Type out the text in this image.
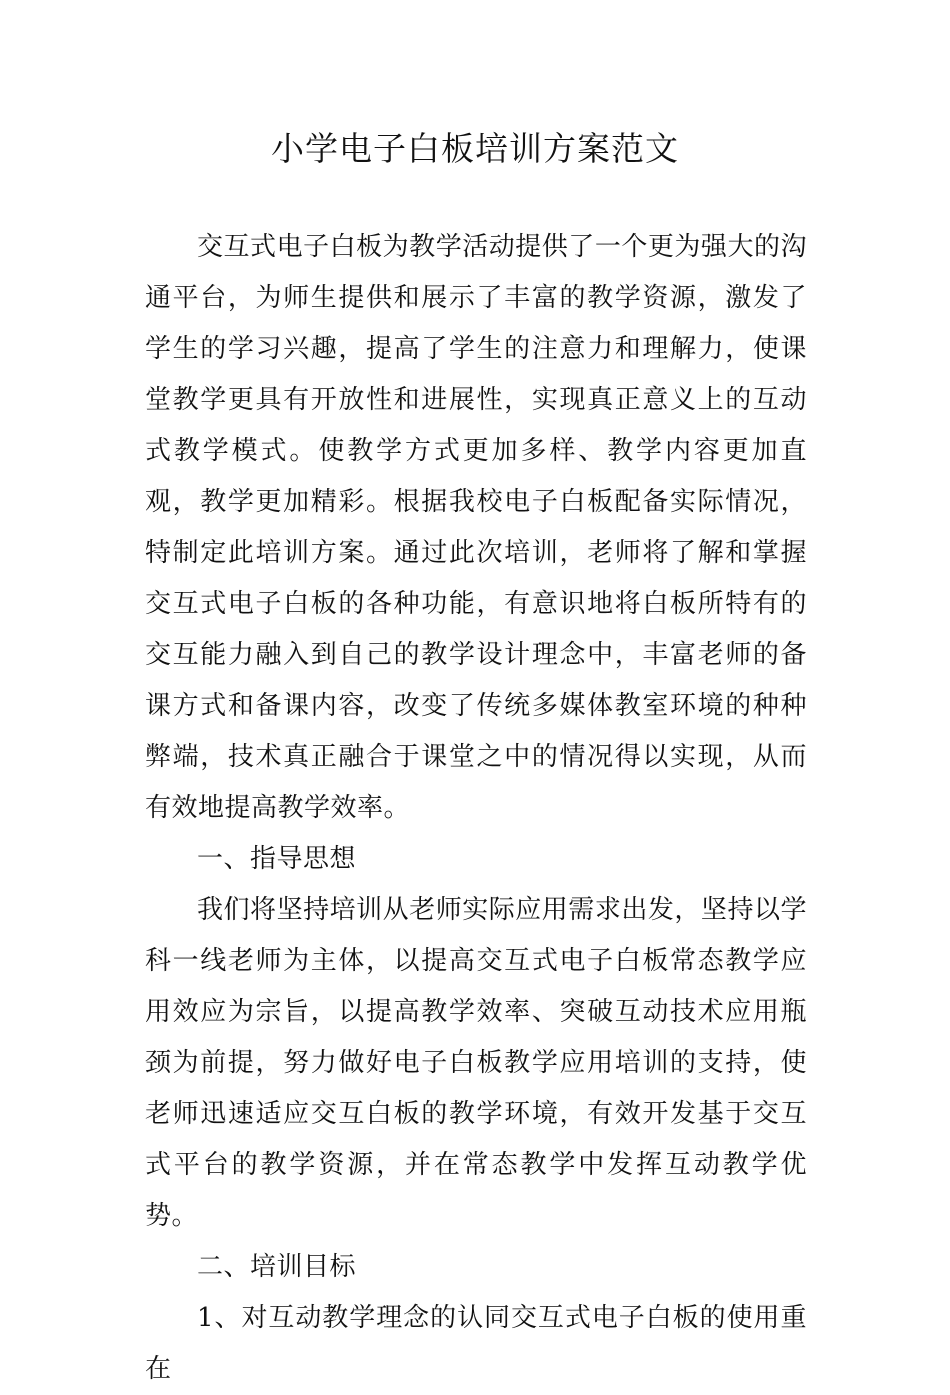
小学电子白板培训方案范文

交互式电子白板为教学活动提供了一个更为强大的沟通平台，为师生提供和展示了丰富的教学资源，激发了学生的学习兴趣，提高了学生的注意力和理解力，使课堂教学更具有开放性和进展性，实现真正意义上的互动式教学模式。使教学方式更加多样、教学内容更加直观，教学更加精彩。根据我校电子白板配备实际情况，特制定此培训方案。通过此次培训，老师将了解和掌握交互式电子白板的各种功能，有意识地将白板所特有的交互能力融入到自己的教学设计理念中，丰富老师的备课方式和备课内容，改变了传统多媒体教室环境的种种弊端，技术真正融合于课堂之中的情况得以实现，从而有效地提高教学效率。

一、指导思想

我们将坚持培训从老师实际应用需求出发，坚持以学科一线老师为主体，以提高交互式电子白板常态教学应用效应为宗旨，以提高教学效率、突破互动技术应用瓶颈为前提，努力做好电子白板教学应用培训的支持，使老师迅速适应交互白板的教学环境，有效开发基于交互式平台的教学资源，并在常态教学中发挥互动教学优势。

二、培训目标

1、对互动教学理念的认同交互式电子白板的使用重在
